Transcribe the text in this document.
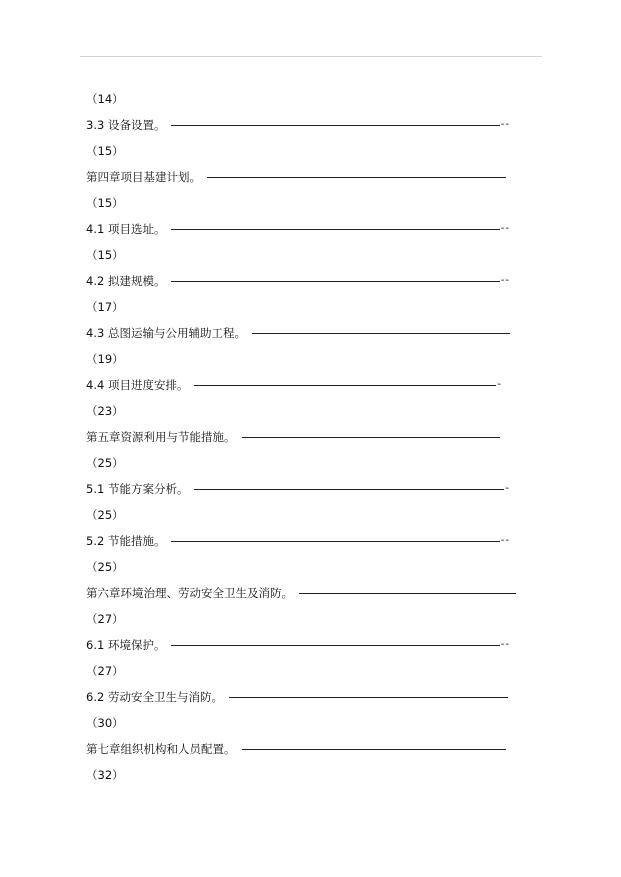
（14）
3.3 设备设置。	--
（15）
第四章项目基建计划。
（15）
4.1 项目选址。	--
（15）
4.2 拟建规模。	--
（17）
4.3 总图运输与公用辅助工程。
（19）
4.4 项目进度安排。	-
（23）
第五章资源利用与节能措施。
（25）
5.1 节能方案分析。	-
（25）
5.2 节能措施。	--
（25）
第六章环境治理、劳动安全卫生及消防。
（27）
6.1 环境保护。	--
（27）
6.2 劳动安全卫生与消防。
（30）
第七章组织机构和人员配置。
（32）
